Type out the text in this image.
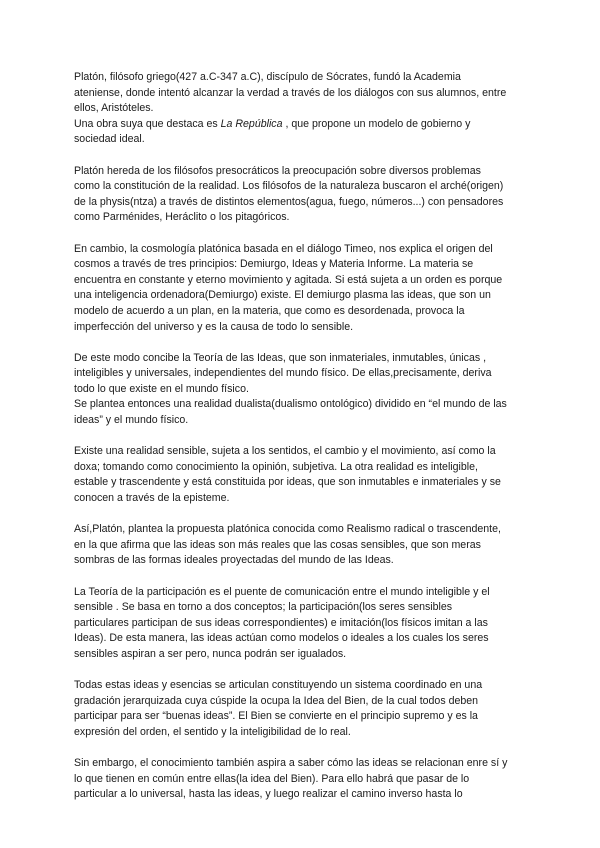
Platón, filósofo griego(427 a.C-347 a.C), discípulo de Sócrates, fundó la Academia
ateniense, donde intentó alcanzar la verdad a través de los diálogos con sus alumnos, entre
ellos, Aristóteles.
Una obra suya que destaca es La República , que propone un modelo de gobierno y
sociedad ideal.
Platón hereda de los filósofos presocráticos la preocupación sobre diversos problemas
como la constitución de la realidad. Los filósofos de la naturaleza buscaron el arché(origen)
de la physis(ntza) a través de distintos elementos(agua, fuego, números...) con pensadores
como Parménides, Heráclito o los pitagóricos.
En cambio, la cosmología platónica basada en el diálogo Timeo, nos explica el origen del
cosmos a través de tres principios: Demiurgo, Ideas y Materia Informe. La materia se
encuentra en constante y eterno movimiento y agitada. Si está sujeta a un orden es porque
una inteligencia ordenadora(Demiurgo) existe. El demiurgo plasma las ideas, que son un
modelo de acuerdo a un plan, en la materia, que como es desordenada, provoca la
imperfección del universo y es la causa de todo lo sensible.
De este modo concibe la Teoría de las Ideas, que son inmateriales, inmutables, únicas ,
inteligibles y universales, independientes del mundo físico. De ellas,precisamente, deriva
todo lo que existe en el mundo físico.
Se plantea entonces una realidad dualista(dualismo ontológico) dividido en “el mundo de las
ideas” y el mundo físico.
Existe una realidad sensible, sujeta a los sentidos, el cambio y el movimiento, así como la
doxa; tomando como conocimiento la opinión, subjetiva. La otra realidad es inteligible,
estable y trascendente y está constituida por ideas, que son inmutables e inmateriales y se
conocen a través de la episteme.
Así,Platón, plantea la propuesta platónica conocida como Realismo radical o trascendente,
en la que afirma que las ideas son más reales que las cosas sensibles, que son meras
sombras de las formas ideales proyectadas del mundo de las Ideas.
La Teoría de la participación es el puente de comunicación entre el mundo inteligible y el
sensible . Se basa en torno a dos conceptos; la participación(los seres sensibles
particulares participan de sus ideas correspondientes) e imitación(los físicos imitan a las
Ideas). De esta manera, las ideas actúan como modelos o ideales a los cuales los seres
sensibles aspiran a ser pero, nunca podrán ser igualados.
Todas estas ideas y esencias se articulan constituyendo un sistema coordinado en una
gradación jerarquizada cuya cúspide la ocupa la Idea del Bien, de la cual todos deben
participar para ser “buenas ideas”. El Bien se convierte en el principio supremo y es la
expresión del orden, el sentido y la inteligibilidad de lo real.
Sin embargo, el conocimiento también aspira a saber cómo las ideas se relacionan enre sí y
lo que tienen en común entre ellas(la idea del Bien). Para ello habrá que pasar de lo
particular a lo universal, hasta las ideas, y luego realizar el camino inverso hasta lo
